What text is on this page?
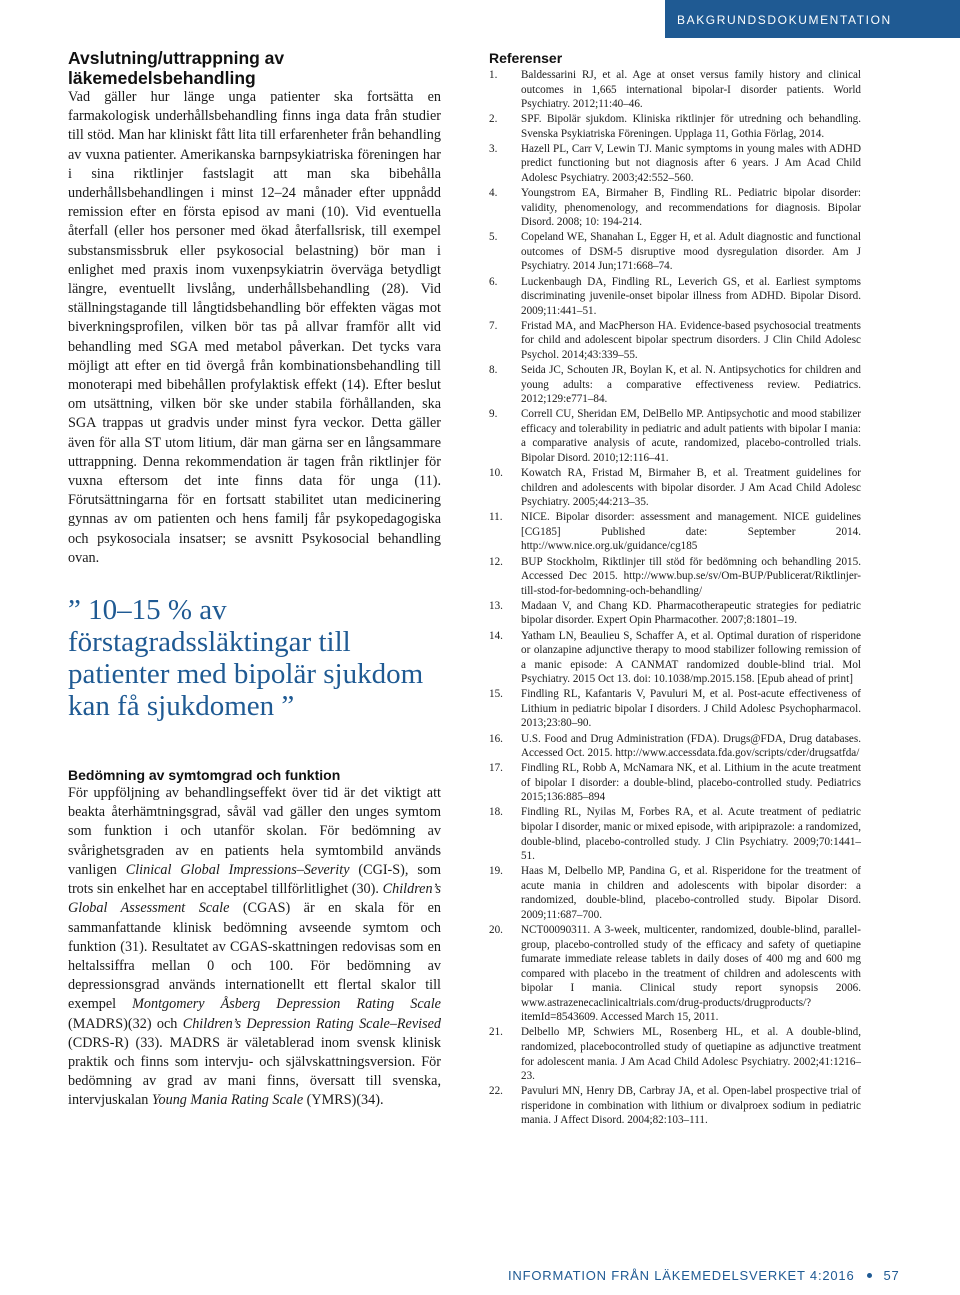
BAKGRUNDSDOKUMENTATION
Avslutning/uttrappning av läkemedelsbehandling

Vad gäller hur länge unga patienter ska fortsätta en farmakologisk underhållsbehandling finns inga data från studier till stöd. Man har kliniskt fått lita till erfarenheter från behandling av vuxna patienter. Amerikanska barnpsykiatriska föreningen har i sina riktlinjer fastslagit att man ska bibehålla underhållsbehandlingen i minst 12–24 månader efter uppnådd remission efter en första episod av mani (10). Vid eventuella återfall (eller hos personer med ökad återfallsrisk, till exempel substansmissbruk eller psykosocial belastning) bör man i enlighet med praxis inom vuxenpsykiatrin överväga betydligt längre, eventuellt livslång, underhållsbehandling (28). Vid ställningstagande till långtidsbehandling bör effekten vägas mot biverkningsprofilen, vilken bör tas på allvar framför allt vid behandling med SGA med metabol påverkan. Det tycks vara möjligt att efter en tid övergå från kombinationsbehandling till monoterapi med bibehållen profylaktisk effekt (14). Efter beslut om utsättning, vilken bör ske under stabila förhållanden, ska SGA trappas ut gradvis under minst fyra veckor. Detta gäller även för alla ST utom litium, där man gärna ser en långsammare uttrappning. Denna rekommendation är tagen från riktlinjer för vuxna eftersom det inte finns data för unga (11). Förutsättningarna för en fortsatt stabilitet utan medicinering gynnas av om patienten och hens familj får psykopedagogiska och psykosociala insatser; se avsnitt Psykosocial behandling ovan.

” 10–15 % av förstagradssläktingar till patienter med bipolär sjukdom kan få sjukdomen ”
Bedömning av symtomgrad och funktion

För uppföljning av behandlingseffekt över tid är det viktigt att beakta återhämtningsgrad, såväl vad gäller den unges symtom som funktion i och utanför skolan. För bedömning av svårighetsgraden av en patients hela symtombild används vanligen Clinical Global Impressions–Severity (CGI-S), som trots sin enkelhet har en acceptabel tillförlitlighet (30). Children’s Global Assessment Scale (CGAS) är en skala för en sammanfattande klinisk bedömning avseende symtom och funktion (31). Resultatet av CGAS-skattningen redovisas som en heltalssiffra mellan 0 och 100. För bedömning av depressionsgrad används internationellt ett flertal skalor till exempel Montgomery Åsberg Depression Rating Scale (MADRS)(32) och Children’s Depression Rating Scale–Revised (CDRS-R) (33). MADRS är väletablerad inom svensk klinisk praktik och finns som intervju- och självskattningsversion. För bedömning av grad av mani finns, översatt till svenska, intervjuskalan Young Mania Rating Scale (YMRS)(34).

Referenser
1.	Baldessarini RJ, et al. Age at onset versus family history and clinical outcomes in 1,665 international bipolar-I disorder patients. World Psychiatry. 2012;11:40–46.
2.	SPF. Bipolär sjukdom. Kliniska riktlinjer för utredning och behandling. Svenska Psykiatriska Föreningen. Upplaga 11, Gothia Förlag, 2014.
3.	Hazell PL, Carr V, Lewin TJ. Manic symptoms in young males with ADHD predict functioning but not diagnosis after 6 years. J Am Acad Child Adolesc Psychiatry. 2003;42:552–560.
4.	Youngstrom EA, Birmaher B, Findling RL. Pediatric bipolar disorder: validity, phenomenology, and recommendations for diagnosis. Bipolar Disord. 2008; 10: 194-214.
5.	Copeland WE, Shanahan L, Egger H, et al. Adult diagnostic and functional outcomes of DSM-5 disruptive mood dysregulation disorder. Am J Psychiatry. 2014 Jun;171:668–74.
6.	Luckenbaugh DA, Findling RL, Leverich GS, et al. Earliest symptoms discriminating juvenile-onset bipolar illness from ADHD. Bipolar Disord. 2009;11:441–51.
7.	Fristad MA, and MacPherson HA. Evidence-based psychosocial treatments for child and adolescent bipolar spectrum disorders. J Clin Child Adolesc Psychol. 2014;43:339–55.
8.	Seida JC, Schouten JR, Boylan K, et al. N. Antipsychotics for children and young adults: a comparative effectiveness review. Pediatrics. 2012;129:e771–84.
9.	Correll CU, Sheridan EM, DelBello MP. Antipsychotic and mood stabilizer efficacy and tolerability in pediatric and adult patients with bipolar I mania: a comparative analysis of acute, randomized, placebo-controlled trials. Bipolar Disord. 2010;12:116–41.
10.	Kowatch RA, Fristad M, Birmaher B, et al. Treatment guidelines for children and adolescents with bipolar disorder. J Am Acad Child Adolesc Psychiatry. 2005;44:213–35.
11.	NICE. Bipolar disorder: assessment and management. NICE guidelines [CG185] Published date: September 2014. http://www.nice.org.uk/guidance/cg185
12.	BUP Stockholm, Riktlinjer till stöd för bedömning och behandling 2015. Accessed Dec 2015. http://www.bup.se/sv/Om-BUP/Publicerat/Riktlinjer-till-stod-for-bedomning-och-behandling/
13.	Madaan V, and Chang KD. Pharmacotherapeutic strategies for pediatric bipolar disorder. Expert Opin Pharmacother. 2007;8:1801–19.
14.	Yatham LN, Beaulieu S, Schaffer A, et al. Optimal duration of risperidone or olanzapine adjunctive therapy to mood stabilizer following remission of a manic episode: A CANMAT randomized double-blind trial. Mol Psychiatry. 2015 Oct 13. doi: 10.1038/mp.2015.158. [Epub ahead of print]
15.	Findling RL, Kafantaris V, Pavuluri M, et al. Post-acute effectiveness of Lithium in pediatric bipolar I disorders. J Child Adolesc Psychopharmacol. 2013;23:80–90.
16.	U.S. Food and Drug Administration (FDA). Drugs@FDA, Drug databases. Accessed Oct. 2015. http://www.accessdata.fda.gov/scripts/cder/drugsatfda/
17.	Findling RL, Robb A, McNamara NK, et al. Lithium in the acute treatment of bipolar I disorder: a double-blind, placebo-controlled study. Pediatrics 2015;136:885–894
18.	Findling RL, Nyilas M, Forbes RA, et al. Acute treatment of pediatric bipolar I disorder, manic or mixed episode, with aripiprazole: a randomized, double-blind, placebo-controlled study. J Clin Psychiatry. 2009;70:1441–51.
19.	Haas M, Delbello MP, Pandina G, et al. Risperidone for the treatment of acute mania in children and adolescents with bipolar disorder: a randomized, double-blind, placebo-controlled study. Bipolar Disord. 2009;11:687–700.
20.	NCT00090311. A 3-week, multicenter, randomized, double-blind, parallel-group, placebo-controlled study of the efficacy and safety of quetiapine fumarate immediate release tablets in daily doses of 400 mg and 600 mg compared with placebo in the treatment of children and adolescents with bipolar I mania. Clinical study report synopsis 2006. www.astrazenecaclinicaltrials.com/drug-products/drugproducts/?itemId=8543609. Accessed March 15, 2011.
21.	Delbello MP, Schwiers ML, Rosenberg HL, et al. A double-blind, randomized, placebocontrolled study of quetiapine as adjunctive treatment for adolescent mania. J Am Acad Child Adolesc Psychiatry. 2002;41:1216–23.
22.	Pavuluri MN, Henry DB, Carbray JA, et al. Open-label prospective trial of risperidone in combination with lithium or divalproex sodium in pediatric mania. J Affect Disord. 2004;82:103–111.
INFORMATION FRÅN LÄKEMEDELSVERKET 4:2016 57
